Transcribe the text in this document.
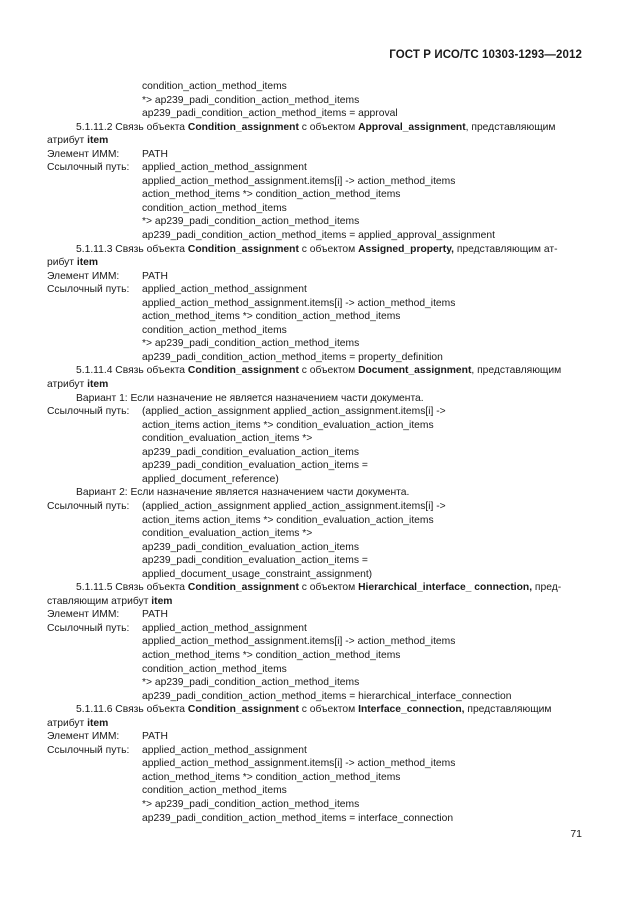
ГОСТ Р ИСО/ТС 10303-1293—2012
condition_action_method_items
*> ap239_padi_condition_action_method_items
ap239_padi_condition_action_method_items = approval
5.1.11.2 Связь объекта Condition_assignment с объектом Approval_assignment, представляющим
атрибут item
Элемент ИММ: PATH
Ссылочный путь: applied_action_method_assignment
applied_action_method_assignment.items[i] -> action_method_items
action_method_items *> condition_action_method_items
condition_action_method_items
*> ap239_padi_condition_action_method_items
ap239_padi_condition_action_method_items = applied_approval_assignment
5.1.11.3 Связь объекта Condition_assignment с объектом Assigned_property, представляющим ат-
рибут item
Элемент ИММ: PATH
Ссылочный путь: applied_action_method_assignment
applied_action_method_assignment.items[i] -> action_method_items
action_method_items *> condition_action_method_items
condition_action_method_items
*> ap239_padi_condition_action_method_items
ap239_padi_condition_action_method_items = property_definition
5.1.11.4 Связь объекта Condition_assignment с объектом Document_assignment, представляющим
атрибут item
Вариант 1: Если назначение не является назначением части документа.
Ссылочный путь: (applied_action_assignment applied_action_assignment.items[i] ->
action_items action_items *> condition_evaluation_action_items
condition_evaluation_action_items *>
ap239_padi_condition_evaluation_action_items
ap239_padi_condition_evaluation_action_items =
applied_document_reference)
Вариант 2: Если назначение является назначением части документа.
Ссылочный путь: (applied_action_assignment applied_action_assignment.items[i] ->
action_items action_items *> condition_evaluation_action_items
condition_evaluation_action_items *>
ap239_padi_condition_evaluation_action_items
ap239_padi_condition_evaluation_action_items =
applied_document_usage_constraint_assignment)
5.1.11.5 Связь объекта Condition_assignment с объектом Hierarchical_interface_ connection, пред-
ставляющим атрибут item
Элемент ИММ: PATH
Ссылочный путь: applied_action_method_assignment
applied_action_method_assignment.items[i] -> action_method_items
action_method_items *> condition_action_method_items
condition_action_method_items
*> ap239_padi_condition_action_method_items
ap239_padi_condition_action_method_items = hierarchical_interface_connection
5.1.11.6 Связь объекта Condition_assignment с объектом Interface_connection, представляющим
атрибут item
Элемент ИММ: PATH
Ссылочный путь: applied_action_method_assignment
applied_action_method_assignment.items[i] -> action_method_items
action_method_items *> condition_action_method_items
condition_action_method_items
*> ap239_padi_condition_action_method_items
ap239_padi_condition_action_method_items = interface_connection
71
